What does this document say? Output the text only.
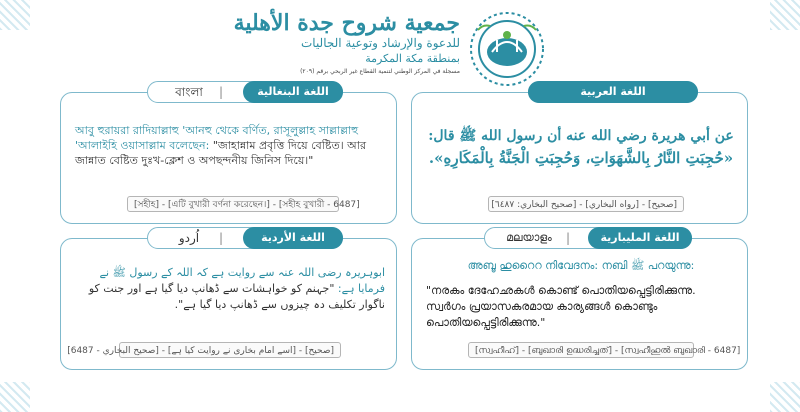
جمعية شروح جدة الأهلية
للدعوة والإرشاد وتوعية الجاليات
بمنطقة مكة المكرمة
مسجلة في المركز الوطني لتنمية القطاع غير الربحي برقم (٢٠٩)
اللغة العربية
عن أبي هريرة رضي الله عنه أن رسول الله ﷺ قال:
«حُجِبَتِ النَّارُ بِالشَّهَوَاتِ، وَحُجِبَتِ الْجَنَّةُ بِالْمَكَارِهِ».
[صحيح] - [رواه البخاري] - [صحيح البخاري: ٦٤٨٧]
বাংলা	|	اللغة البنغالية
আবু হুরায়রা রাদিয়াল্লাহু 'আনহু থেকে বর্ণিত, রাসূলুল্লাহ সাল্লাল্লাহু 'আলাইহি ওয়াসাল্লাম বলেছেন: "জাহান্নাম প্রবৃত্তি দিয়ে বেষ্টিত। আর জান্নাত বেষ্টিত দুঃখ-ক্লেশ ও অপছন্দনীয় জিনিস দিয়ে।"
[সহীহ] - [এটি বুখারী বর্ণনা করেছেন।] - [সহীহ বুখারী - 6487]
اُردو	|	اللغة الأردية
ابوہریرہ رضی اللہ عنہ سے روایت ہے کہ اللہ کے رسول ﷺ نے فرمایا ہے: "جہنم کو خواہشات سے ڈھانپ دیا گیا ہے اور جنت کو ناگوار تکلیف دہ چیزوں سے ڈھانپ دیا گیا ہے".
[صحیح] - [اسے امام بخاری نے روایت کیا ہے] - [صحيح البخاري - 6487]
മലയാളം	|	اللغة المليبارية
അബൂ ഹുറൈറ നിവേദനം: നബി ﷺ പറയുന്നു:
"നരകം ദേഹേഛകൾ കൊണ്ട് പൊതിയപ്പെട്ടിരിക്കുന്നു. സ്വർഗം പ്രയാസകരമായ കാര്യങ്ങൾ കൊണ്ടും പൊതിയപ്പെട്ടിരിക്കുന്നു."
[സ്വഹീഹ്] - [ബുഖാരി ഉദ്ധരിച്ചത്] - [സ്വഹീഹുൽ ബുഖാരി - 6487]
